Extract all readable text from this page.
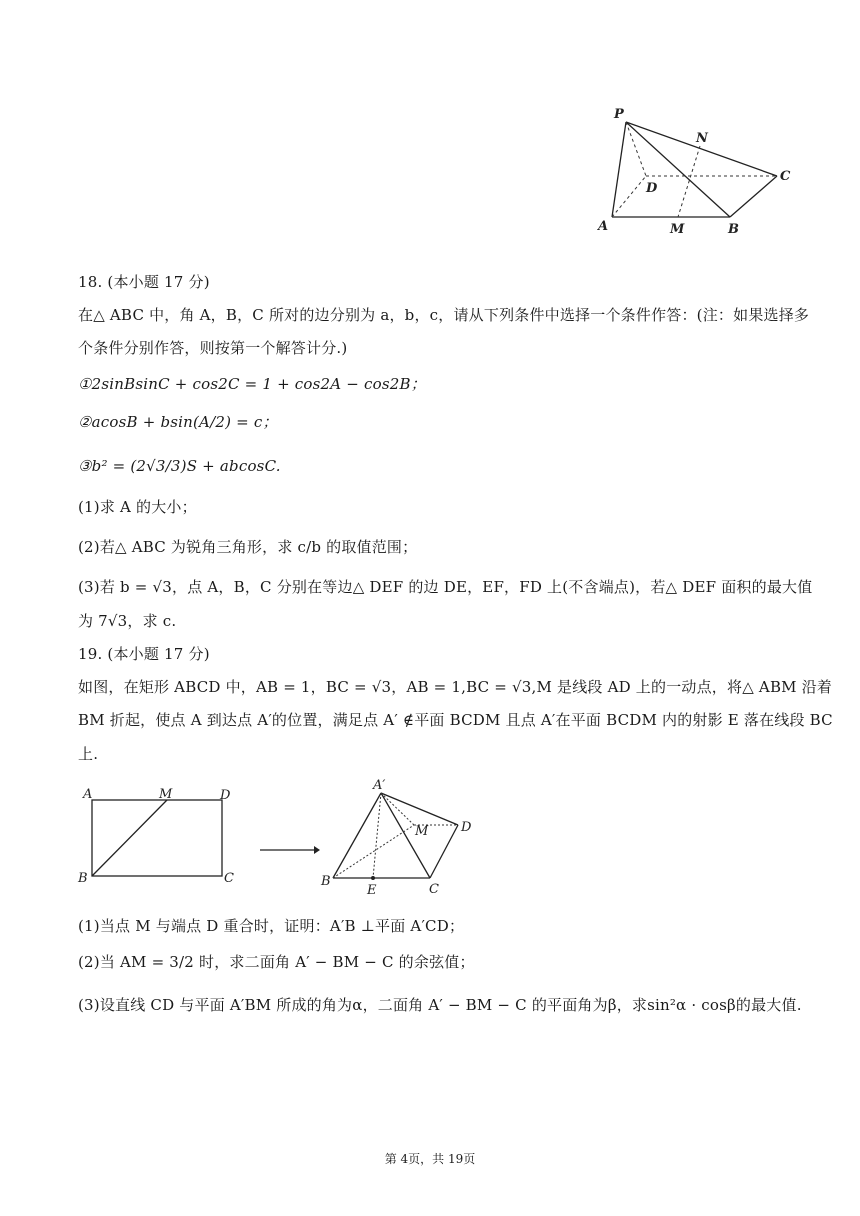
P
N
C
D
A	M	B
18. (本小题 17 分)
在△ ABC 中，角 A，B，C 所对的边分别为 a，b，c，请从下列条件中选择一个条件作答：(注：如果选择多
个条件分别作答，则按第一个解答计分.)
①2sinBsinC + cos2C = 1 + cos2A − cos2B；
②acosB + bsin(A/2) = c；
③b² = (2√3/3)S + abcosC.
(1)求 A 的大小；
(2)若△ ABC 为锐角三角形，求 c/b 的取值范围；
(3)若 b = √3，点 A，B，C 分别在等边△ DEF 的边 DE，EF，FD 上(不含端点)，若△ DEF 面积的最大值
为 7√3，求 c.
19. (本小题 17 分)
如图，在矩形 ABCD 中，AB = 1，BC = √3，AB = 1,BC = √3,M 是线段 AD 上的一动点，将△ ABM 沿着
BM 折起，使点 A 到达点 A′的位置，满足点 A′ ∉平面 BCDM 且点 A′在平面 BCDM 内的射影 E 落在线段 BC
上.
A	M	D
B	C
A′
M	D
B
E	C
(1)当点 M 与端点 D 重合时，证明：A′B ⊥平面 A′CD；
(2)当 AM = 3/2 时，求二面角 A′ − BM − C 的余弦值；
(3)设直线 CD 与平面 A′BM 所成的角为α，二面角 A′ − BM − C 的平面角为β，求sin²α · cosβ的最大值.
第 4页，共 19页
